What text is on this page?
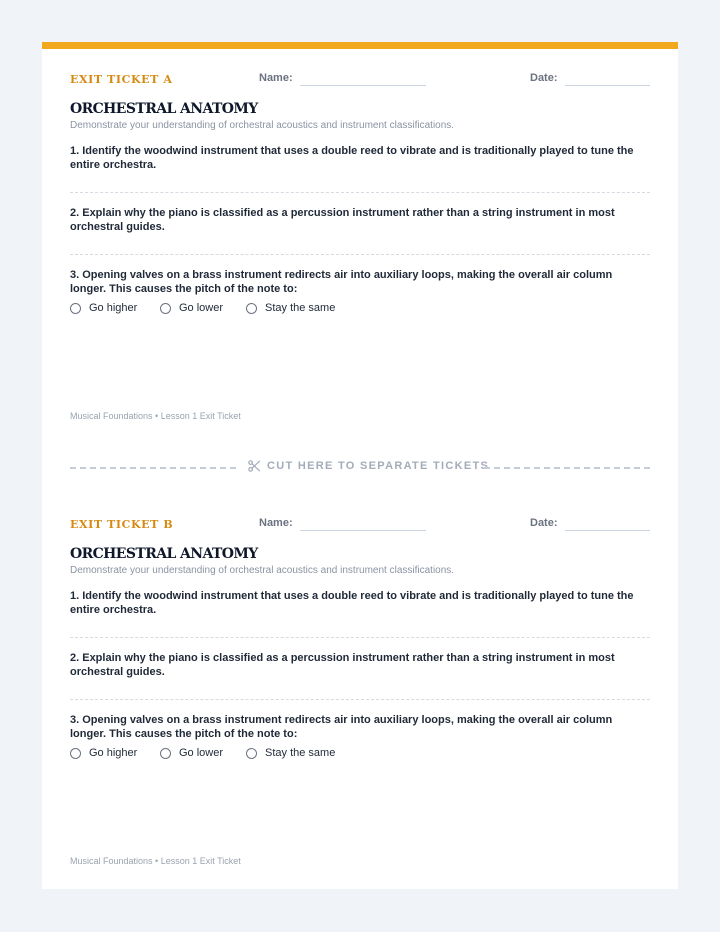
EXIT TICKET A	Name:	Date:
ORCHESTRAL ANATOMY
Demonstrate your understanding of orchestral acoustics and instrument classifications.
1. Identify the woodwind instrument that uses a double reed to vibrate and is traditionally played to tune the entire orchestra.
2. Explain why the piano is classified as a percussion instrument rather than a string instrument in most orchestral guides.
3. Opening valves on a brass instrument redirects air into auxiliary loops, making the overall air column longer. This causes the pitch of the note to:
Go higher	Go lower	Stay the same
Musical Foundations • Lesson 1 Exit Ticket
CUT HERE TO SEPARATE TICKETS
EXIT TICKET B	Name:	Date:
ORCHESTRAL ANATOMY
Demonstrate your understanding of orchestral acoustics and instrument classifications.
1. Identify the woodwind instrument that uses a double reed to vibrate and is traditionally played to tune the entire orchestra.
2. Explain why the piano is classified as a percussion instrument rather than a string instrument in most orchestral guides.
3. Opening valves on a brass instrument redirects air into auxiliary loops, making the overall air column longer. This causes the pitch of the note to:
Go higher	Go lower	Stay the same
Musical Foundations • Lesson 1 Exit Ticket
